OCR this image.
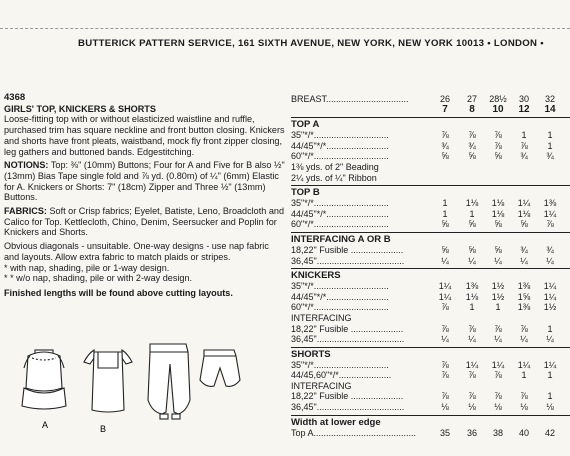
BUTTERICK PATTERN SERVICE, 161 SIXTH AVENUE, NEW YORK, NEW YORK 10013 • LONDON •

4368
GIRLS' TOP, KNICKERS & SHORTS

Loose-fitting top with or without elasticized waistline and ruffle, purchased trim has square neckline and front button closing. Knickers and shorts have front pleats, waistband, mock fly front zipper closing, leg gathers and buttoned bands. Edgestitching.

NOTIONS: Top: ⅜" (10mm) Buttons; Four for A and Five for B also ½" (13mm) Bias Tape single fold and ⅞ yd. (0.80m) of ¼" (6mm) Elastic for A. Knickers or Shorts: 7" (18cm) Zipper and Three ½" (13mm) Buttons.

FABRICS: Soft or Crisp fabrics; Eyelet, Batiste, Leno, Broadcloth and Calico for Top. Kettlecloth, Chino, Denim, Seersucker and Poplin for Knickers and Shorts.

Obvious diagonals - unsuitable. One-way designs - use nap fabric and layouts. Allow extra fabric to match plaids or stripes.

* with nap, shading, pile or 1-way design.

* * w/o nap, shading, pile or with 2-way design.

Finished lengths will be found above cutting layouts.

A	B
BREAST.................................	26	27	28½	30	32
7	8	10	12	14
TOP A
35"*/*..............................	⅞	⅞	⅞	1	1
44/45"*/*.........................	¾	¾	⅞	⅞	1
60"*/*..............................	⅝	⅝	⅝	¾	¾
1⅜ yds. of 2" Beading
2¼ yds. of ¼" Ribbon
TOP B
35"*/*..............................	1	1⅛	1⅛	1¼	1⅜
44/45"*/*.........................	1	1	1⅛	1⅛	1¼
60"*/*..............................	⅝	⅝	⅝	⅝	⅞
INTERFACING A OR B
18,22" Fusible .....................	⅝	⅝	⅝	¾	¾
36,45"...................................	¼	¼	¼	¼	¼
KNICKERS
35"*/*..............................	1¼	1⅜	1½	1⅜	1¼
44/45"*/*.........................	1¼	1⅛	1½	1⅝	1¼
60"*/*..............................	⅞	1	1	1⅜	1½
INTERFACING
18,22" Fusible .....................	⅞	⅞	⅞	⅞	1
36,45"...................................	¼	¼	¼	¼	¼
SHORTS
35"*/*..............................	⅞	1¼	1¼	1¼	1¼
44/45,60"*/*.....................	⅞	⅞	⅞	1	1
INTERFACING
18,22" Fusible .....................	⅞	⅞	⅞	⅞	1
36,45"...................................	⅛	⅛	⅛	⅛	⅛
Width at lower edge
Top A.........................................	35	36	38	40	42
